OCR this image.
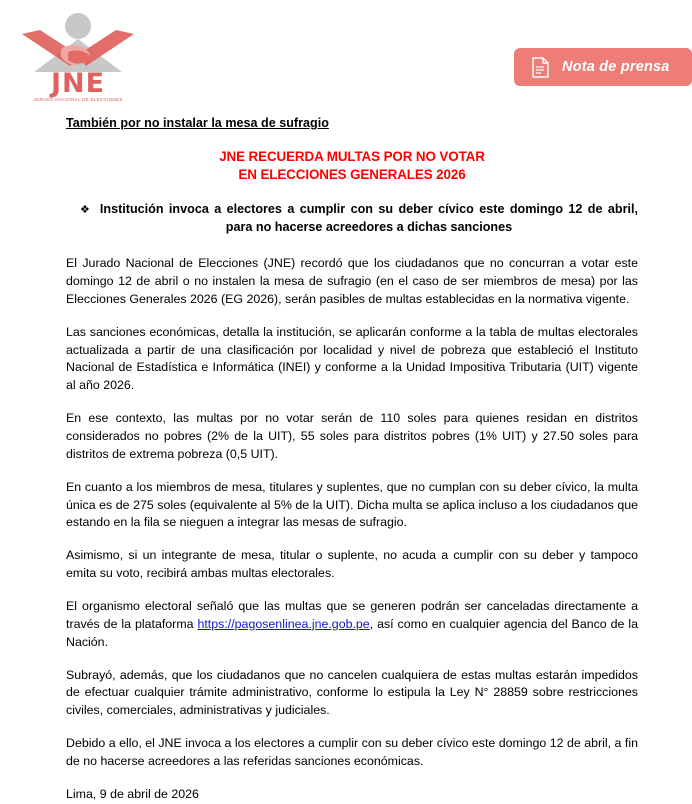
JNE
JURADO NACIONAL DE ELECCIONES
Nota de prensa
También por no instalar la mesa de sufragio
JNE RECUERDA MULTAS POR NO VOTAR
EN ELECCIONES GENERALES 2026
❖ Institución invoca a electores a cumplir con su deber cívico este domingo 12 de abril, para no hacerse acreedores a dichas sanciones

El Jurado Nacional de Elecciones (JNE) recordó que los ciudadanos que no concurran a votar este domingo 12 de abril o no instalen la mesa de sufragio (en el caso de ser miembros de mesa) por las Elecciones Generales 2026 (EG 2026), serán pasibles de multas establecidas en la normativa vigente.

Las sanciones económicas, detalla la institución, se aplicarán conforme a la tabla de multas electorales actualizada a partir de una clasificación por localidad y nivel de pobreza que estableció el Instituto Nacional de Estadística e Informática (INEI) y conforme a la Unidad Impositiva Tributaria (UIT) vigente al año 2026.

En ese contexto, las multas por no votar serán de 110 soles para quienes residan en distritos considerados no pobres (2% de la UIT), 55 soles para distritos pobres (1% UIT) y 27.50 soles para distritos de extrema pobreza (0,5 UIT).

En cuanto a los miembros de mesa, titulares y suplentes, que no cumplan con su deber cívico, la multa única es de 275 soles (equivalente al 5% de la UIT). Dicha multa se aplica incluso a los ciudadanos que estando en la fila se nieguen a integrar las mesas de sufragio.

Asimismo, si un integrante de mesa, titular o suplente, no acuda a cumplir con su deber y tampoco emita su voto, recibirá ambas multas electorales.

El organismo electoral señaló que las multas que se generen podrán ser canceladas directamente a través de la plataforma https://pagosenlinea.jne.gob.pe, así como en cualquier agencia del Banco de la Nación.

Subrayó, además, que los ciudadanos que no cancelen cualquiera de estas multas estarán impedidos de efectuar cualquier trámite administrativo, conforme lo estipula la Ley N° 28859 sobre restricciones civiles, comerciales, administrativas y judiciales.

Debido a ello, el JNE invoca a los electores a cumplir con su deber cívico este domingo 12 de abril, a fin de no hacerse acreedores a las referidas sanciones económicas.

Lima, 9 de abril de 2026
